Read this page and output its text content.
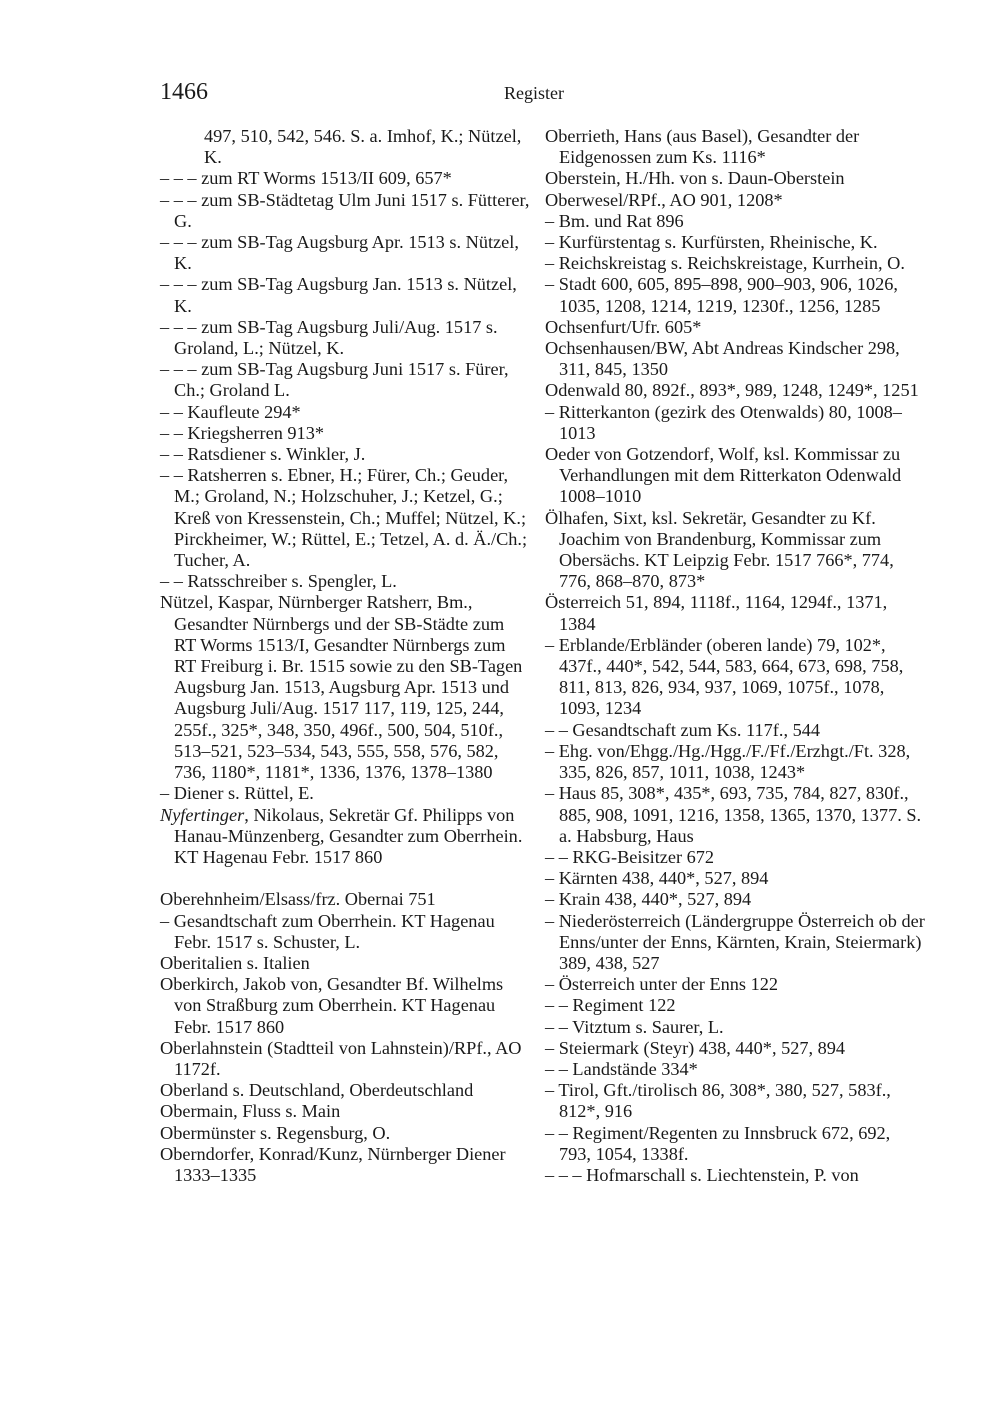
1466	Register

497, 510, 542, 546. S. a. Imhof, K.; Nützel, K.

– – – zum RT Worms 1513/II 609, 657*

– – – zum SB-Städtetag Ulm Juni 1517 s. Fütterer, G.

– – – zum SB-Tag Augsburg Apr. 1513 s. Nützel, K.

– – – zum SB-Tag Augsburg Jan. 1513 s. Nützel, K.

– – – zum SB-Tag Augsburg Juli/Aug. 1517 s. Groland, L.; Nützel, K.

– – – zum SB-Tag Augsburg Juni 1517 s. Fürer, Ch.; Groland L.

– – Kaufleute 294*

– – Kriegsherren 913*

– – Ratsdiener s. Winkler, J.

– – Ratsherren s. Ebner, H.; Fürer, Ch.; Geuder, M.; Groland, N.; Holzschuher, J.; Ketzel, G.; Kreß von Kressenstein, Ch.; Muffel; Nützel, K.; Pirckheimer, W.; Rüttel, E.; Tetzel, A. d. Ä./Ch.; Tucher, A.

– – Ratsschreiber s. Spengler, L.

Nützel, Kaspar, Nürnberger Ratsherr, Bm., Gesandter Nürnbergs und der SB-Städte zum RT Worms 1513/I, Gesandter Nürnbergs zum RT Freiburg i. Br. 1515 sowie zu den SB-Tagen Augsburg Jan. 1513, Augsburg Apr. 1513 und Augsburg Juli/Aug. 1517 117, 119, 125, 244, 255f., 325*, 348, 350, 496f., 500, 504, 510f., 513–521, 523–534, 543, 555, 558, 576, 582, 736, 1180*, 1181*, 1336, 1376, 1378–1380

– Diener s. Rüttel, E.

Nyfertinger, Nikolaus, Sekretär Gf. Philipps von Hanau-Münzenberg, Gesandter zum Oberrhein. KT Hagenau Febr. 1517 860

Oberehnheim/Elsass/frz. Obernai 751

– Gesandtschaft zum Oberrhein. KT Hagenau Febr. 1517 s. Schuster, L.

Oberitalien s. Italien

Oberkirch, Jakob von, Gesandter Bf. Wilhelms von Straßburg zum Oberrhein. KT Hagenau Febr. 1517 860

Oberlahnstein (Stadtteil von Lahnstein)/RPf., AO 1172f.

Oberland s. Deutschland, Oberdeutschland

Obermain, Fluss s. Main

Obermünster s. Regensburg, O.

Oberndorfer, Konrad/Kunz, Nürnberger Diener 1333–1335

Oberrieth, Hans (aus Basel), Gesandter der Eidgenossen zum Ks. 1116*

Oberstein, H./Hh. von s. Daun-Oberstein

Oberwesel/RPf., AO 901, 1208*

– Bm. und Rat 896

– Kurfürstentag s. Kurfürsten, Rheinische, K.

– Reichskreistag s. Reichskreistage, Kurrhein, O.

– Stadt 600, 605, 895–898, 900–903, 906, 1026, 1035, 1208, 1214, 1219, 1230f., 1256, 1285

Ochsenfurt/Ufr. 605*

Ochsenhausen/BW, Abt Andreas Kindscher 298, 311, 845, 1350

Odenwald 80, 892f., 893*, 989, 1248, 1249*, 1251

– Ritterkanton (gezirk des Otenwalds) 80, 1008–1013

Oeder von Gotzendorf, Wolf, ksl. Kommissar zu Verhandlungen mit dem Ritterkaton Odenwald 1008–1010

Ölhafen, Sixt, ksl. Sekretär, Gesandter zu Kf. Joachim von Brandenburg, Kommissar zum Obersächs. KT Leipzig Febr. 1517 766*, 774, 776, 868–870, 873*

Österreich 51, 894, 1118f., 1164, 1294f., 1371, 1384

– Erblande/Erbländer (oberen lande) 79, 102*, 437f., 440*, 542, 544, 583, 664, 673, 698, 758, 811, 813, 826, 934, 937, 1069, 1075f., 1078, 1093, 1234

– – Gesandtschaft zum Ks. 117f., 544

– Ehg. von/Ehgg./Hg./Hgg./F./Ff./Erzhgt./Ft. 328, 335, 826, 857, 1011, 1038, 1243*

– Haus 85, 308*, 435*, 693, 735, 784, 827, 830f., 885, 908, 1091, 1216, 1358, 1365, 1370, 1377. S. a. Habsburg, Haus

– – RKG-Beisitzer 672

– Kärnten 438, 440*, 527, 894

– Krain 438, 440*, 527, 894

– Niederösterreich (Ländergruppe Österreich ob der Enns/unter der Enns, Kärnten, Krain, Steiermark) 389, 438, 527

– Österreich unter der Enns 122

– – Regiment 122

– – Vitztum s. Saurer, L.

– Steiermark (Steyr) 438, 440*, 527, 894

– – Landstände 334*

– Tirol, Gft./tirolisch 86, 308*, 380, 527, 583f., 812*, 916

– – Regiment/Regenten zu Innsbruck 672, 692, 793, 1054, 1338f.

– – – Hofmarschall s. Liechtenstein, P. von
